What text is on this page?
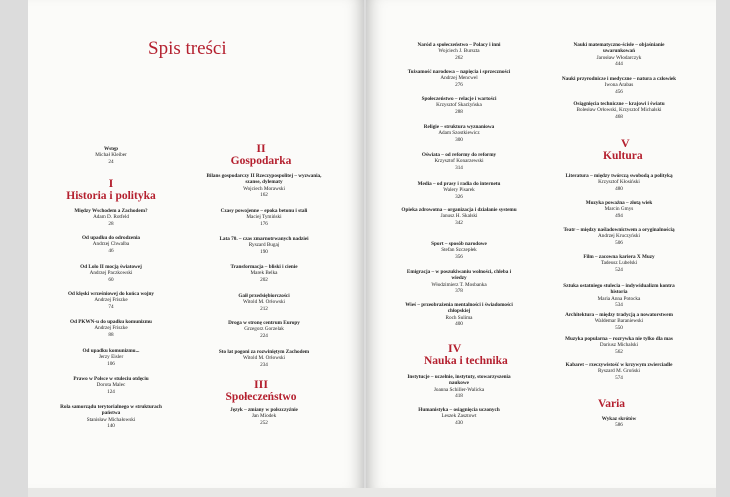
Spis treści
Wstęp
Michał Kleiber
24
I
Historia i polityka
Między Wschodem a Zachodem?
Adam D. Rotfeld
28
Od upadku do odrodzenia
Andrzej Chwalba
46
Od Lolo II mocją światowej
Andrzej Paczkowski
60
Od klęski wrześniowej do końca wojny
Andrzej Friszke
74
Od PKWN-u do upadku komunizmu
Andrzej Friszke
88
Od upadku komunizmu...
Jerzy Eisler
106
Prawo w Polsce w stuleciu otdęciu
Dorota Malec
124
Rola samorządu terytorialnego w strukturach państwa
Stanisław Michałowski
140
Bilans gospodarczy II Rzeczypospolitej – wyzwania, szanse, dylematy
Wojciech Morawski
162
Czasy powojenne – epoka betonu i stali
Maciej Tymiński
176
Lata 70. – czas zmarnotrwanych nadziei
Ryszard Bugaj
190
Transformacja – bliski i cienie
Marek Belka
202
Gaił przedsiębiorczości
Witold M. Orłowski
212
Droga w stronę centrum Europy
Grzegorz Gorzelak
224
Sto lat pogoni za rozwiniętym Zachodem
Witold M. Orłowski
234
Język – zmiany w polszczyźnie
Jan Miodek
252
Naród a społeczeństwo – Polacy i inni
Wojciech J. Burszta
262
Tożsamość narodowa – napięcia i sprzeczności
Andrzej Mencwel
276
Społeczeństwo – relacje i wartości
Krzysztof Skarżyńska
288
Religie – struktura wyznaniowa
Adam Szostkiewicz
300
Oświata – od reformy do reformy
Krzysztof Konarzewski
314
Media – od prasy i radia do internetu
Walery Pisarek
326
Opieka zdrowotna – organizacja i działanie systemu
Janusz H. Skalski
342
Sport – sposób narodowe
Stefan Szczepłek
356
Emigracja – w poszukiwaniu wolności, chleba i wiedzy
Włodzimierz T. Mosbanka
378
Wieś – przeobrażenia mentalności i świadomości chłopskiej
Roch Sulima
400
Instytucje – uczelnie, instytuty, stowarzyszenia naukowe
Joanna Schiller-Walicka
418
Humanistyka – osiągnięcia uczonych
Leszek Zasztowt
430
Nauki matematyczno-ścisłe – objaśnianie uwarunkowań
Jarosław Włodarczyk
444
Nauki przyrodnicze i medyczne – natura a człowiek
Iwona Arabas
456
Osiągnięcia techniczne – krajowi i światu
Bolesław Orłowski, Krzysztof Michalski
468
Literatura – między twórczą swobodą a polityką
Krzysztof Kłosiński
480
Muzyka poważna – złotą wiek
Marcin Gmys
494
Teatr – między naśladownictwem a oryginalnością
Andrzej Kruczyński
506
Film – zacowna kariera X Muzy
Tadeusz Lubelski
524
Sztuka ostatniego stulecia – indywidualizm kontra historia
Maria Anna Potocka
534
Architektura – między tradycją a nowatorstwem
Waldemar Baraniewski
550
Muzyka popularna – rozrywka nie tylko dla mas
Dariusz Michalski
562
Kabaret – rzeczywistość w krzywym zwierciadle
Ryszard M. Groński
574
Wykaz skrótów
586
II
Gospodarka
III
Społeczeństwo
IV
Nauka i technika
V
Kultura
Varia
